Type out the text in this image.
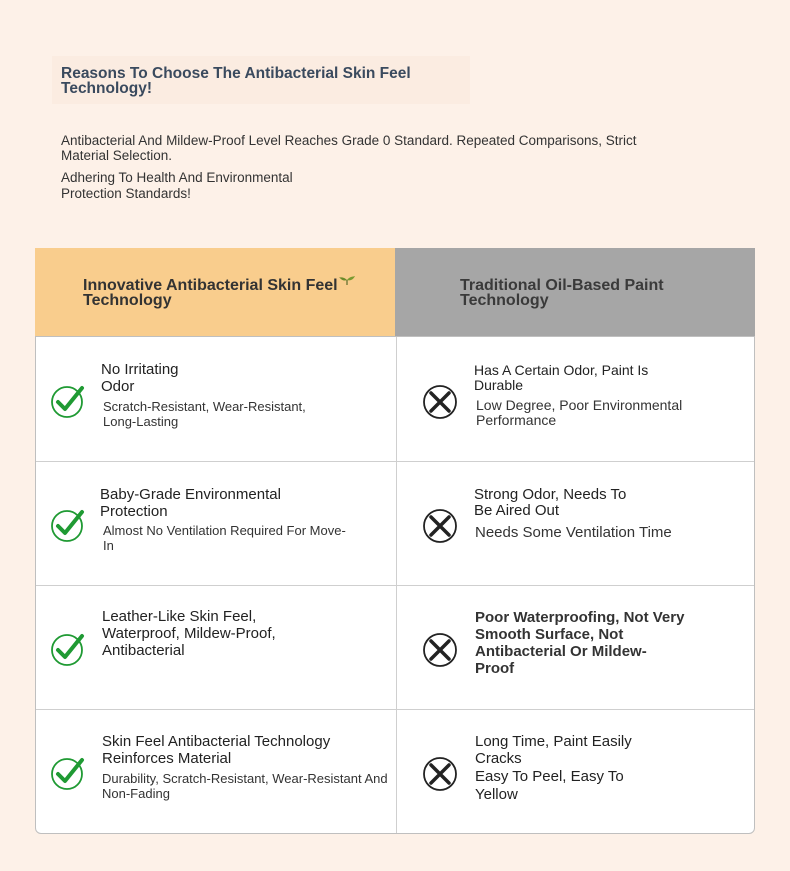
Reasons To Choose The Antibacterial Skin Feel Technology!
Antibacterial And Mildew-Proof Level Reaches Grade 0 Standard. Repeated Comparisons, Strict Material Selection.
Adhering To Health And Environmental Protection Standards!
Innovative Antibacterial Skin Feel Technology
Traditional Oil-Based Paint Technology
No Irritating Odor
Scratch-Resistant, Wear-Resistant, Long-Lasting
Has A Certain Odor, Paint Is Durable
Low Degree, Poor Environmental Performance
Baby-Grade Environmental Protection
Almost No Ventilation Required For Move-In
Strong Odor, Needs To Be Aired Out
Needs Some Ventilation Time
Leather-Like Skin Feel, Waterproof, Mildew-Proof, Antibacterial
Poor Waterproofing, Not Very Smooth Surface, Not Antibacterial Or Mildew-Proof
Skin Feel Antibacterial Technology Reinforces Material
Durability, Scratch-Resistant, Wear-Resistant And Non-Fading
Long Time, Paint Easily Cracks
Easy To Peel, Easy To Yellow
